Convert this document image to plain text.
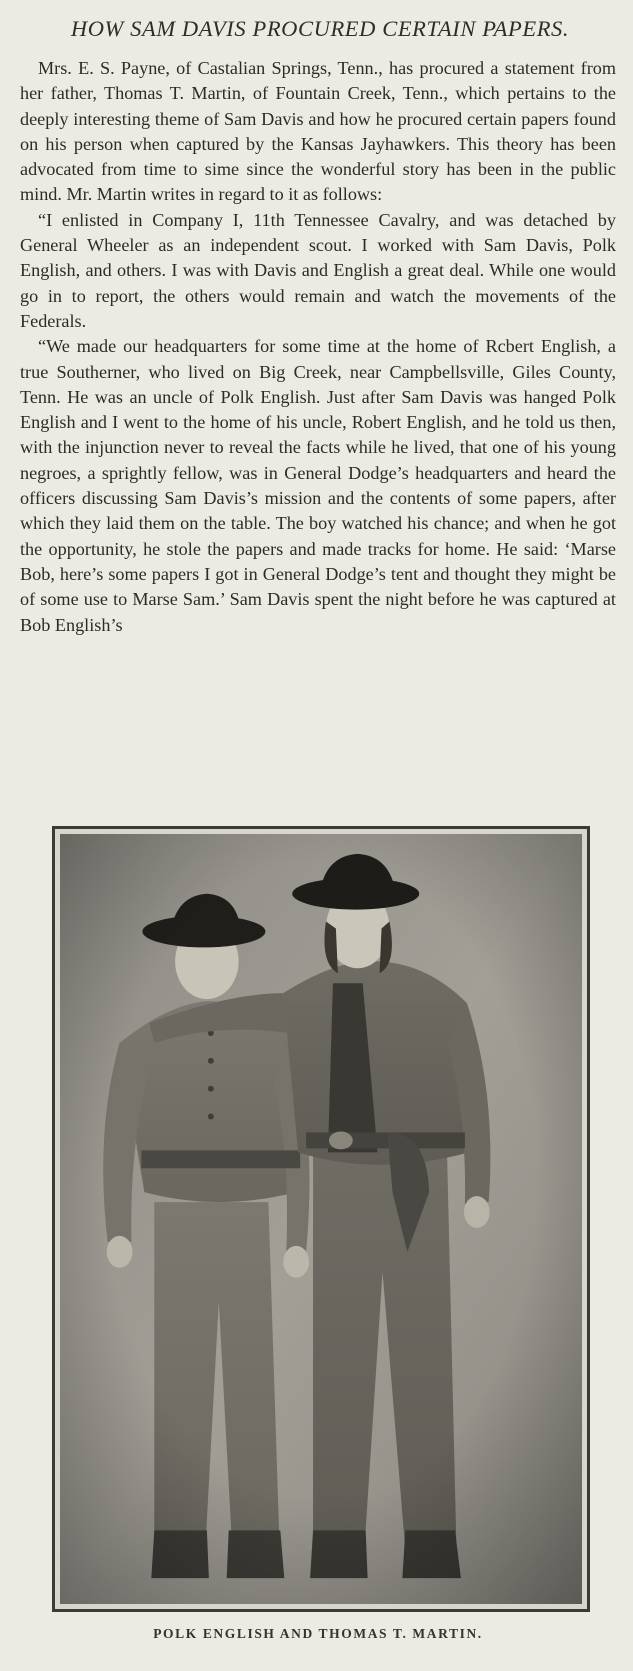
HOW SAM DAVIS PROCURED CERTAIN PAPERS.

Mrs. E. S. Payne, of Castalian Springs, Tenn., has procured a statement from her father, Thomas T. Martin, of Fountain Creek, Tenn., which pertains to the deeply interesting theme of Sam Davis and how he procured certain papers found on his person when captured by the Kansas Jayhawkers. This theory has been advocated from time to sime since the wonderful story has been in the public mind. Mr. Martin writes in regard to it as follows:

“I enlisted in Company I, 11th Tennessee Cavalry, and was detached by General Wheeler as an independent scout. I worked with Sam Davis, Polk English, and others. I was with Davis and English a great deal. While one would go in to report, the others would remain and watch the movements of the Federals.

“We made our headquarters for some time at the home of Rcbert English, a true Southerner, who lived on Big Creek, near Campbellsville, Giles County, Tenn. He was an uncle of Polk English. Just after Sam Davis was hanged Polk English and I went to the home of his uncle, Robert English, and he told us then, with the injunction never to reveal the facts while he lived, that one of his young negroes, a sprightly fellow, was in General Dodge’s headquarters and heard the officers discussing Sam Davis’s mission and the contents of some papers, after which they laid them on the table. The boy watched his chance; and when he got the opportunity, he stole the papers and made tracks for home. He said: ‘Marse Bob, here’s some papers I got in General Dodge’s tent and thought they might be of some use to Marse Sam.’ Sam Davis spent the night before he was captured at Bob English’s

POLK ENGLISH AND THOMAS T. MARTIN.
